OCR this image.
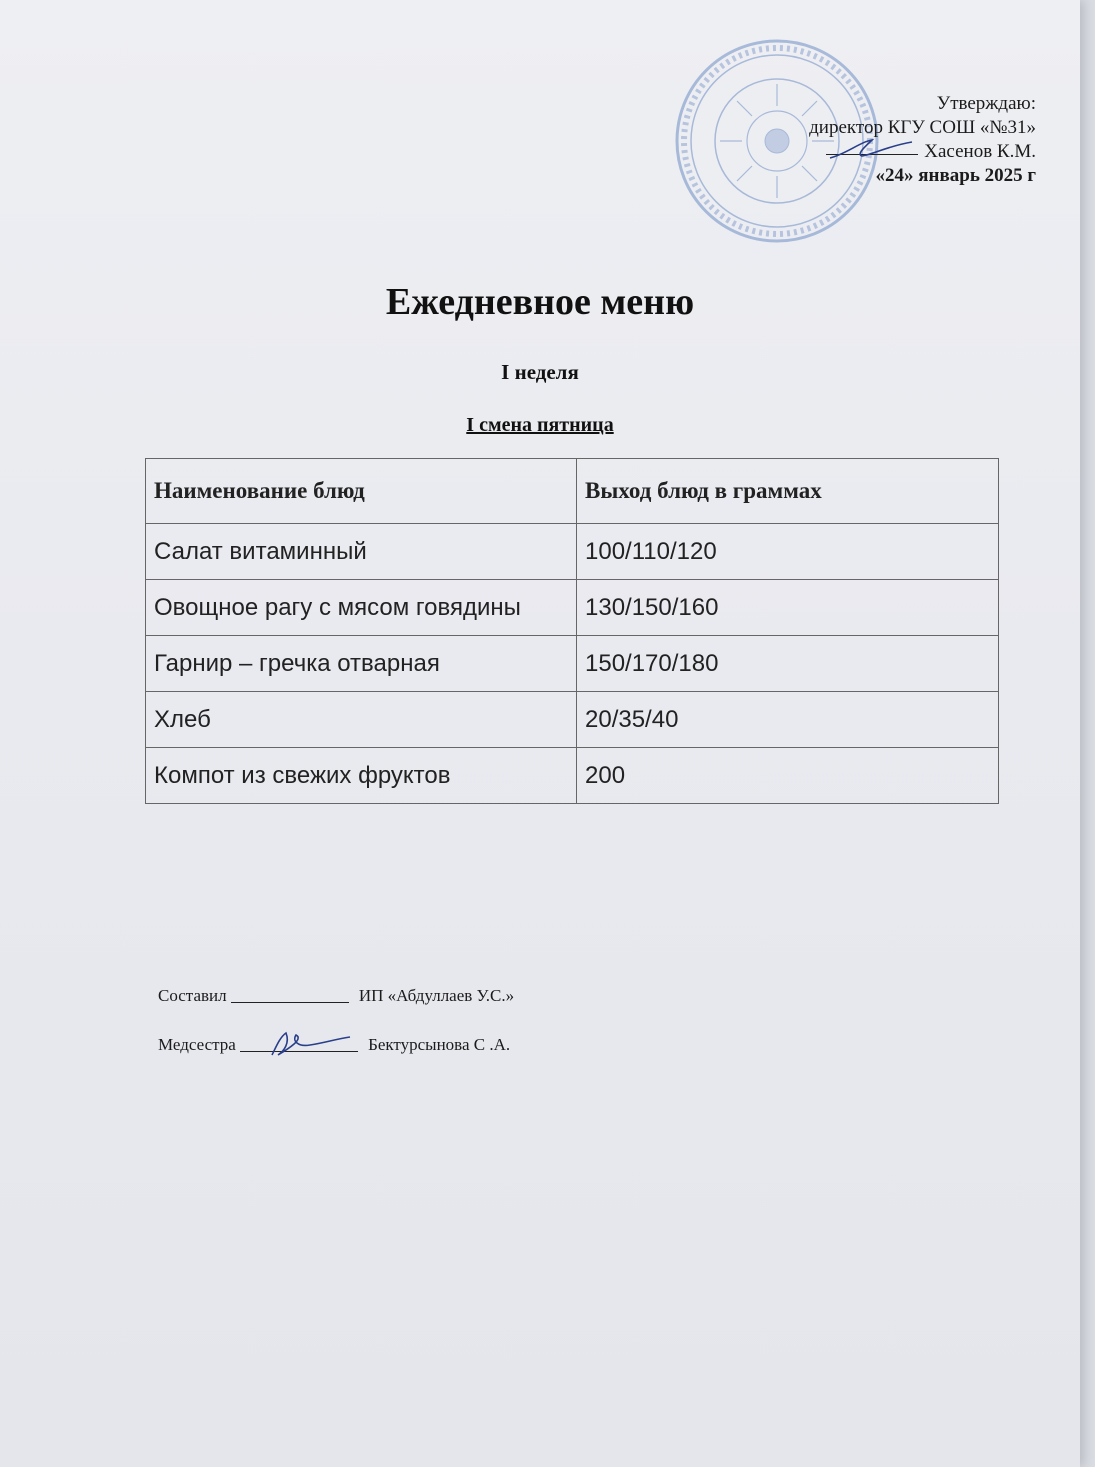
Утверждаю:
директор КГУ СОШ «№31»
Хасенов К.М.
«24» январь 2025 г
Ежедневное меню
I неделя
I смена пятница
Наименование блюд	Выход блюд в граммах
Салат витаминный	100/110/120
Овощное рагу с мясом говядины	130/150/160
Гарнир – гречка отварная	150/170/180
Хлеб	20/35/40
Компот из свежих фруктов	200
Составил	ИП «Абдуллаев У.С.»
Медсестра	Бектурсынова С .А.
